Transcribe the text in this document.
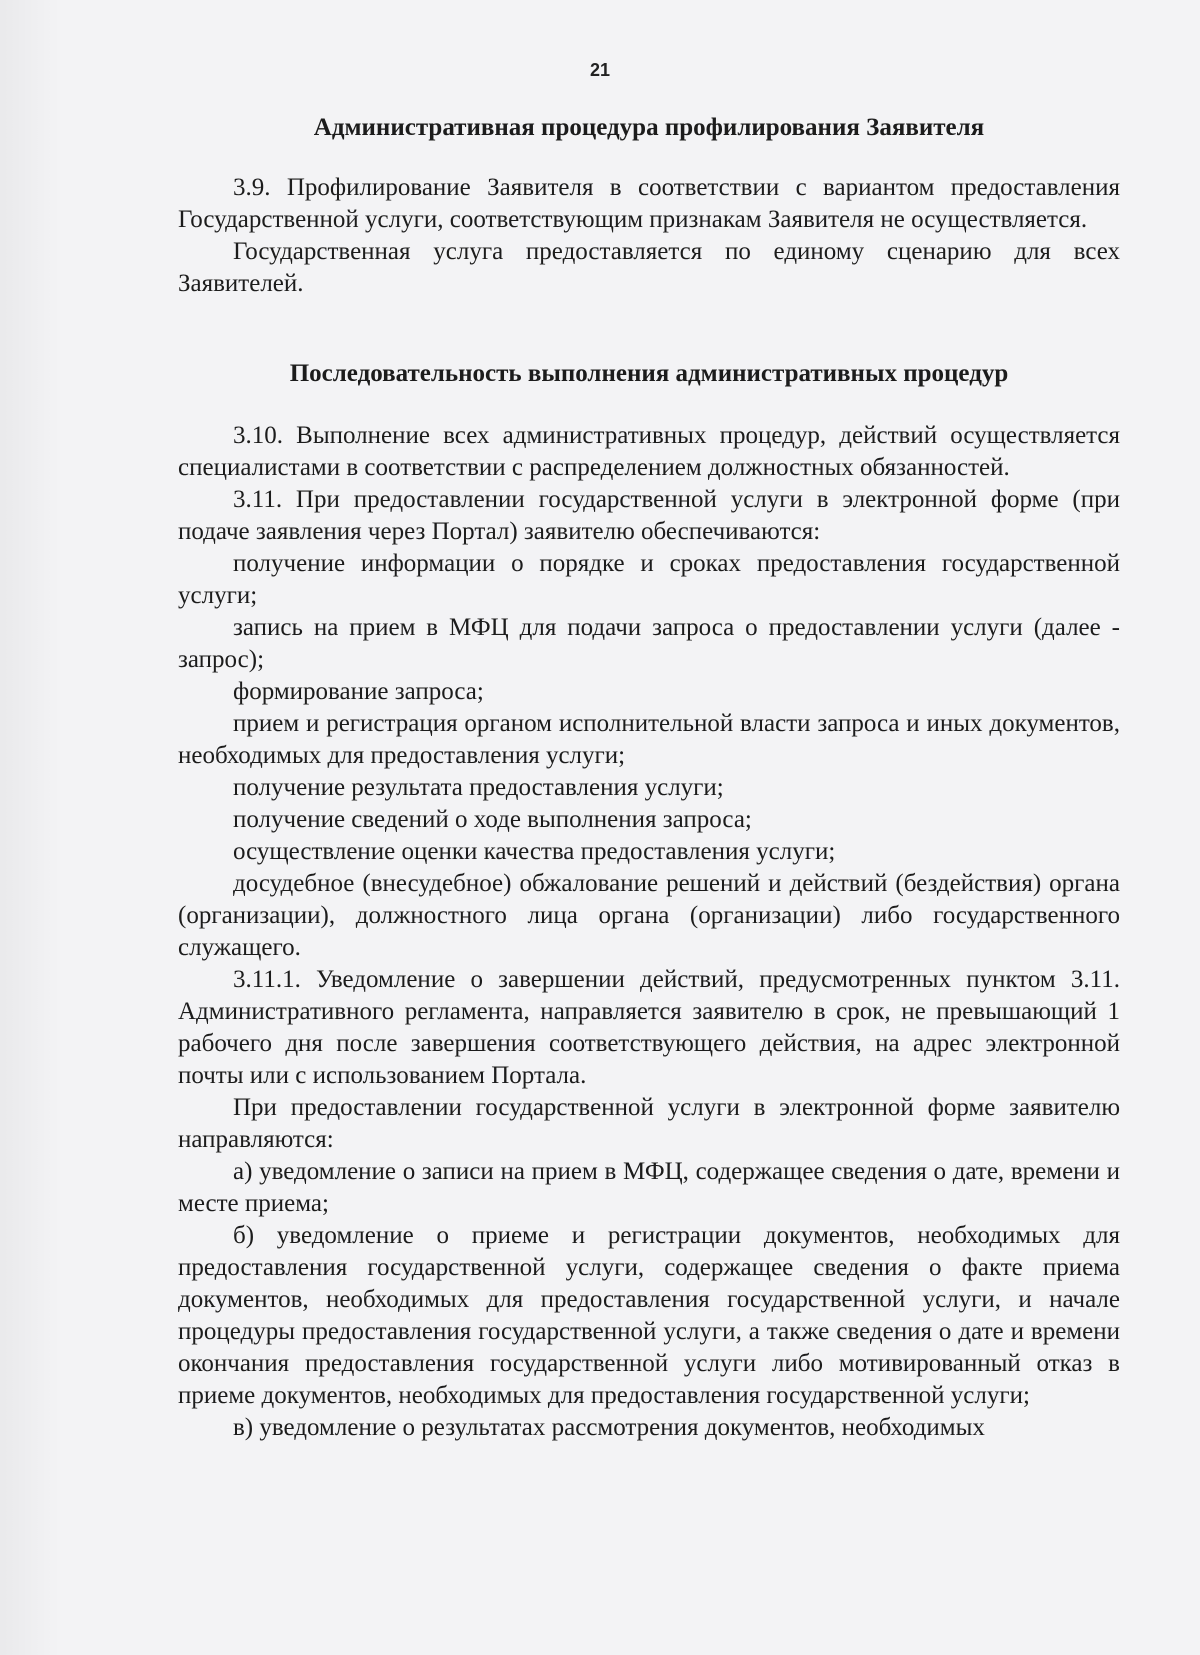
21
Административная процедура профилирования Заявителя

3.9. Профилирование Заявителя в соответствии с вариантом предоставления Государственной услуги, соответствующим признакам Заявителя не осуществляется.

Государственная услуга предоставляется по единому сценарию для всех Заявителей.

Последовательность выполнения административных процедур

3.10. Выполнение всех административных процедур, действий осуществляется специалистами в соответствии с распределением должностных обязанностей.

3.11. При предоставлении государственной услуги в электронной форме (при подаче заявления через Портал) заявителю обеспечиваются:

получение информации о порядке и сроках предоставления государственной услуги;

запись на прием в МФЦ для подачи запроса о предоставлении услуги (далее - запрос);

формирование запроса;

прием и регистрация органом исполнительной власти запроса и иных документов, необходимых для предоставления услуги;

получение результата предоставления услуги;

получение сведений о ходе выполнения запроса;

осуществление оценки качества предоставления услуги;

досудебное (внесудебное) обжалование решений и действий (бездействия) органа (организации), должностного лица органа (организации) либо государственного служащего.

3.11.1. Уведомление о завершении действий, предусмотренных пунктом 3.11. Административного регламента, направляется заявителю в срок, не превышающий 1 рабочего дня после завершения соответствующего действия, на адрес электронной почты или с использованием Портала.

При предоставлении государственной услуги в электронной форме заявителю направляются:

а) уведомление о записи на прием в МФЦ, содержащее сведения о дате, времени и месте приема;

б) уведомление о приеме и регистрации документов, необходимых для предоставления государственной услуги, содержащее сведения о факте приема документов, необходимых для предоставления государственной услуги, и начале процедуры предоставления государственной услуги, а также сведения о дате и времени окончания предоставления государственной услуги либо мотивированный отказ в приеме документов, необходимых для предоставления государственной услуги;

в) уведомление о результатах рассмотрения документов, необходимых
